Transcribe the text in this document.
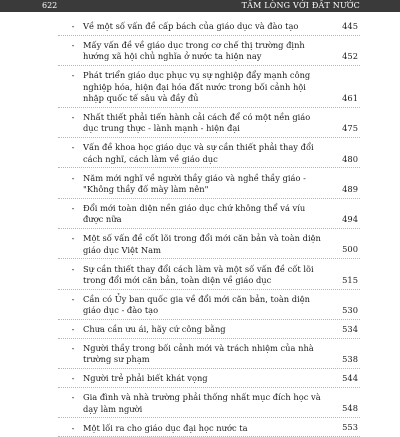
622	TẤM LÒNG VỚI ĐẤT NƯỚC
-	Về một số vấn đề cấp bách của giáo dục và đào tạo	445
-	Mấy vấn đề về giáo dục trong cơ chế thị trường định hướng xã hội chủ nghĩa ở nước ta hiện nay	452
-	Phát triển giáo dục phục vụ sự nghiệp đẩy mạnh công nghiệp hóa, hiện đại hóa đất nước trong bối cảnh hội nhập quốc tế sâu và đầy đủ	461
-	Nhất thiết phải tiến hành cải cách để có một nền giáo dục trung thực - lành mạnh - hiện đại	475
-	Vấn đề khoa học giáo dục và sự cần thiết phải thay đổi cách nghĩ, cách làm về giáo dục	480
-	Năm mới nghĩ về người thầy giáo và nghề thầy giáo - "Không thầy đố mày làm nên"	489
-	Đổi mới toàn diện nền giáo dục chứ không thể vá víu được nữa	494
-	Một số vấn đề cốt lõi trong đổi mới căn bản và toàn diện giáo dục Việt Nam	500
-	Sự cần thiết thay đổi cách làm và một số vấn đề cốt lõi trong đổi mới căn bản, toàn diện về giáo dục	515
-	Cần có Ủy ban quốc gia về đổi mới căn bản, toàn diện giáo dục - đào tạo	530
-	Chưa cần ưu ái, hãy cứ công bằng	534
-	Người thầy trong bối cảnh mới và trách nhiệm của nhà trường sư phạm	538
-	Người trẻ phải biết khát vọng	544
-	Gia đình và nhà trường phải thống nhất mục đích học và dạy làm người	548
-	Một lối ra cho giáo dục đại học nước ta	553
